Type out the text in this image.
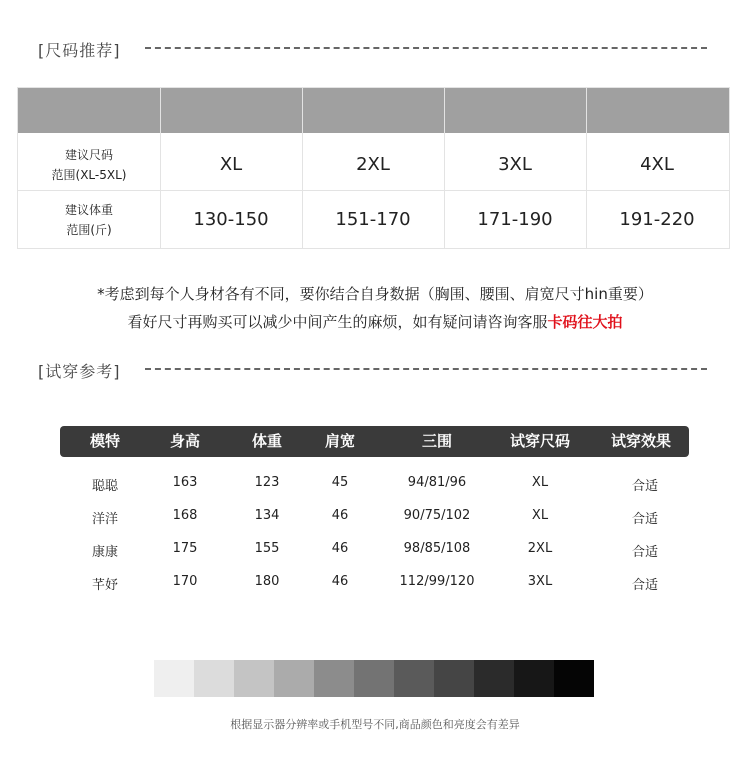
[尺码推荐]
建议尺码
范围(XL-5XL)	XL	2XL	3XL	4XL
建议体重
范围(斤)	130-150	151-170	171-190	191-220
*考虑到每个人身材各有不同，要你结合自身数据（胸围、腰围、肩宽尺寸hin重要）
看好尺寸再购买可以减少中间产生的麻烦，如有疑问请咨询客服卡码往大拍
[试穿参考]
模特	身高	体重	肩宽	三围	试穿尺码	试穿效果
聪聪	163	123	45	94/81/96	XL	合适
洋洋	168	134	46	90/75/102	XL	合适
康康	175	155	46	98/85/108	2XL	合适
芊妤	170	180	46	112/99/120	3XL	合适
根据显示器分辨率或手机型号不同,商品颜色和亮度会有差异
